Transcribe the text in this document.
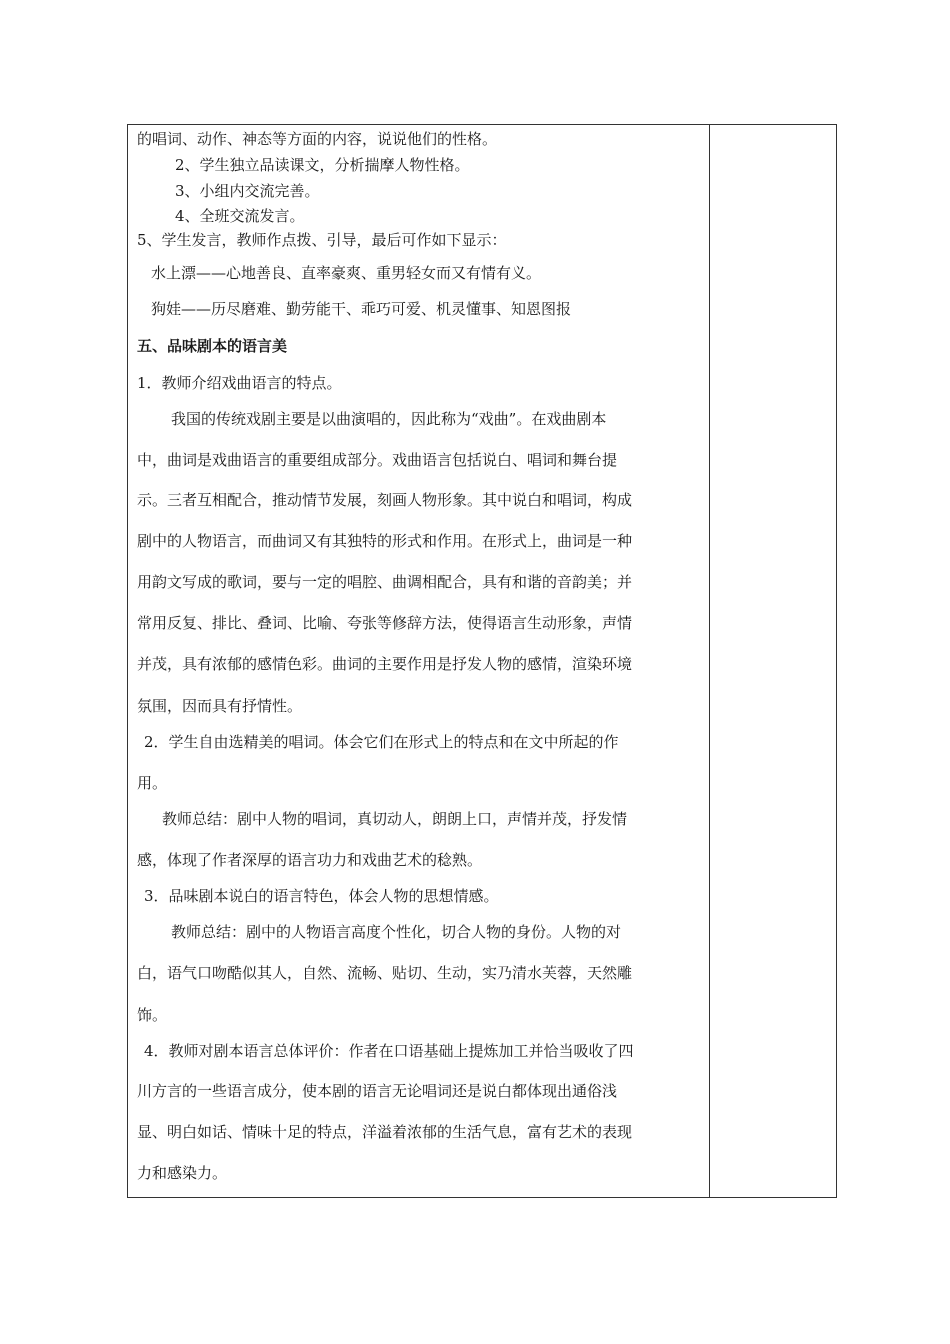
的唱词、动作、神态等方面的内容，说说他们的性格。
2、学生独立品读课文，分析揣摩人物性格。
3、小组内交流完善。
4、全班交流发言。
5、学生发言，教师作点拨、引导，最后可作如下显示：
水上漂——心地善良、直率豪爽、重男轻女而又有情有义。
狗娃——历尽磨难、勤劳能干、乖巧可爱、机灵懂事、知恩图报
五、品味剧本的语言美
1．教师介绍戏曲语言的特点。
我国的传统戏剧主要是以曲演唱的，因此称为“戏曲”。在戏曲剧本
中，曲词是戏曲语言的重要组成部分。戏曲语言包括说白、唱词和舞台提
示。三者互相配合，推动情节发展，刻画人物形象。其中说白和唱词，构成
剧中的人物语言，而曲词又有其独特的形式和作用。在形式上，曲词是一种
用韵文写成的歌词，要与一定的唱腔、曲调相配合，具有和谐的音韵美；并
常用反复、排比、叠词、比喻、夸张等修辞方法，使得语言生动形象，声情
并茂，具有浓郁的感情色彩。曲词的主要作用是抒发人物的感情，渲染环境
氛围，因而具有抒情性。
2．学生自由选精美的唱词。体会它们在形式上的特点和在文中所起的作
用。
教师总结：剧中人物的唱词，真切动人，朗朗上口，声情并茂，抒发情
感，体现了作者深厚的语言功力和戏曲艺术的稔熟。
3．品味剧本说白的语言特色，体会人物的思想情感。
教师总结：剧中的人物语言高度个性化，切合人物的身份。人物的对
白，语气口吻酷似其人，自然、流畅、贴切、生动，实乃清水芙蓉，天然雕
饰。
4．教师对剧本语言总体评价：作者在口语基础上提炼加工并恰当吸收了四
川方言的一些语言成分，使本剧的语言无论唱词还是说白都体现出通俗浅
显、明白如话、情味十足的特点，洋溢着浓郁的生活气息，富有艺术的表现
力和感染力。
